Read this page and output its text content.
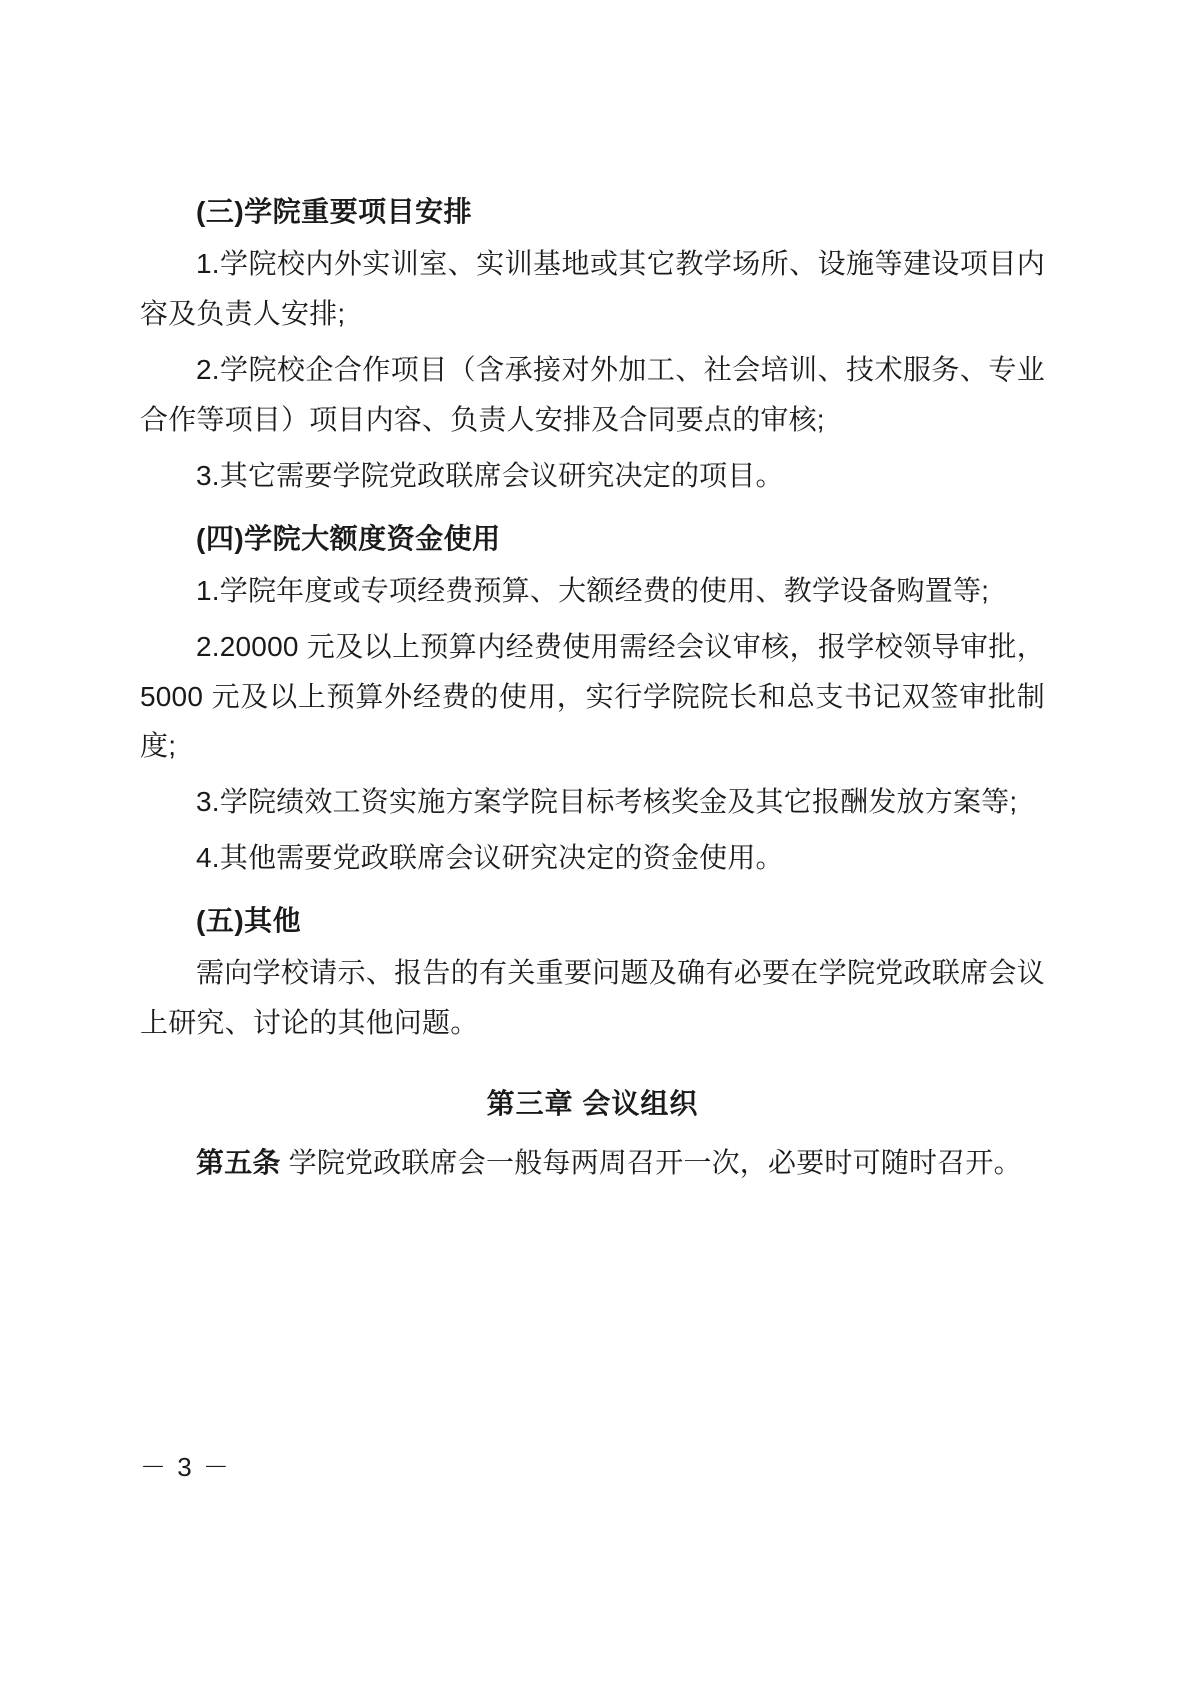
(三)学院重要项目安排

1.学院校内外实训室、实训基地或其它教学场所、设施等建设项目内容及负责人安排;

2.学院校企合作项目（含承接对外加工、社会培训、技术服务、专业合作等项目）项目内容、负责人安排及合同要点的审核;

3.其它需要学院党政联席会议研究决定的项目。

(四)学院大额度资金使用

1.学院年度或专项经费预算、大额经费的使用、教学设备购置等;

2.20000 元及以上预算内经费使用需经会议审核，报学校领导审批，5000 元及以上预算外经费的使用，实行学院院长和总支书记双签审批制度;

3.学院绩效工资实施方案学院目标考核奖金及其它报酬发放方案等;

4.其他需要党政联席会议研究决定的资金使用。

(五)其他

需向学校请示、报告的有关重要问题及确有必要在学院党政联席会议上研究、讨论的其他问题。

第三章 会议组织

第五条 学院党政联席会一般每两周召开一次，必要时可随时召开。

－ 3 －
